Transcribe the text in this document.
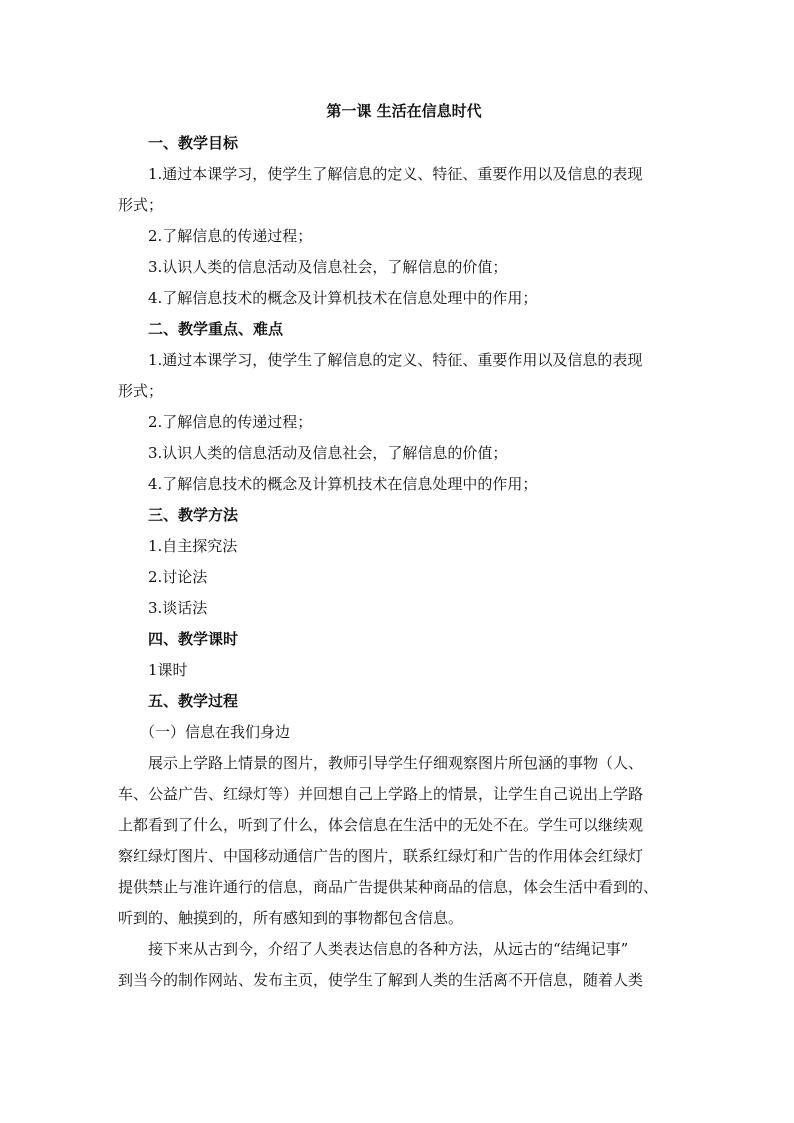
第一课 生活在信息时代

一、教学目标

1.通过本课学习，使学生了解信息的定义、特征、重要作用以及信息的表现

形式；

2.了解信息的传递过程；

3.认识人类的信息活动及信息社会，了解信息的价值；

4.了解信息技术的概念及计算机技术在信息处理中的作用；

二、教学重点、难点

1.通过本课学习，使学生了解信息的定义、特征、重要作用以及信息的表现

形式；

2.了解信息的传递过程；

3.认识人类的信息活动及信息社会，了解信息的价值；

4.了解信息技术的概念及计算机技术在信息处理中的作用；

三、教学方法

1.自主探究法

2.讨论法

3.谈话法

四、教学课时

1课时

五、教学过程

（一）信息在我们身边

展示上学路上情景的图片，教师引导学生仔细观察图片所包涵的事物（人、

车、公益广告、红绿灯等）并回想自己上学路上的情景，让学生自己说出上学路

上都看到了什么，听到了什么，体会信息在生活中的无处不在。学生可以继续观

察红绿灯图片、中国移动通信广告的图片，联系红绿灯和广告的作用体会红绿灯

提供禁止与准许通行的信息，商品广告提供某种商品的信息，体会生活中看到的、

听到的、触摸到的，所有感知到的事物都包含信息。

接下来从古到今，介绍了人类表达信息的各种方法，从远古的“结绳记事”

到当今的制作网站、发布主页，使学生了解到人类的生活离不开信息，随着人类
